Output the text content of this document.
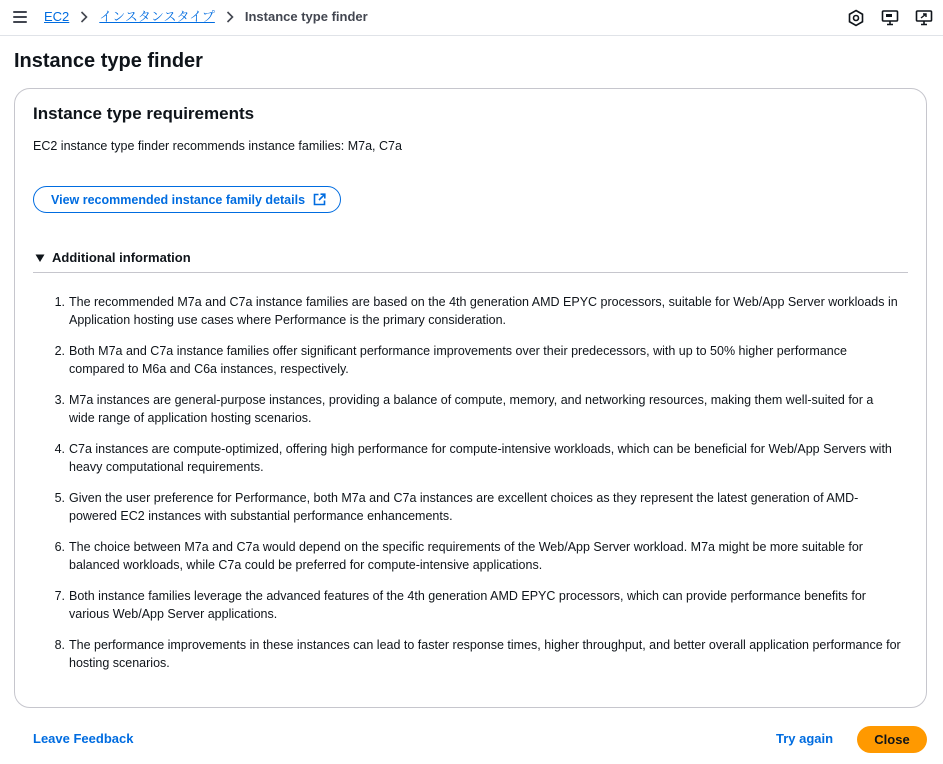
EC2 インスタンスタイプ Instance type finder
Instance type finder
Instance type requirements

EC2 instance type finder recommends instance families: M7a, C7a

View recommended instance family details
Additional information
1. The recommended M7a and C7a instance families are based on the 4th generation AMD EPYC processors, suitable for Web/App Server workloads in Application hosting use cases where Performance is the primary consideration.
2. Both M7a and C7a instance families offer significant performance improvements over their predecessors, with up to 50% higher performance compared to M6a and C6a instances, respectively.
3. M7a instances are general-purpose instances, providing a balance of compute, memory, and networking resources, making them well-suited for a wide range of application hosting scenarios.
4. C7a instances are compute-optimized, offering high performance for compute-intensive workloads, which can be beneficial for Web/App Servers with heavy computational requirements.
5. Given the user preference for Performance, both M7a and C7a instances are excellent choices as they represent the latest generation of AMD-powered EC2 instances with substantial performance enhancements.
6. The choice between M7a and C7a would depend on the specific requirements of the Web/App Server workload. M7a might be more suitable for balanced workloads, while C7a could be preferred for compute-intensive applications.
7. Both instance families leverage the advanced features of the 4th generation AMD EPYC processors, which can provide performance benefits for various Web/App Server applications.
8. The performance improvements in these instances can lead to faster response times, higher throughput, and better overall application performance for hosting scenarios.
Leave Feedback	Try again	Close
